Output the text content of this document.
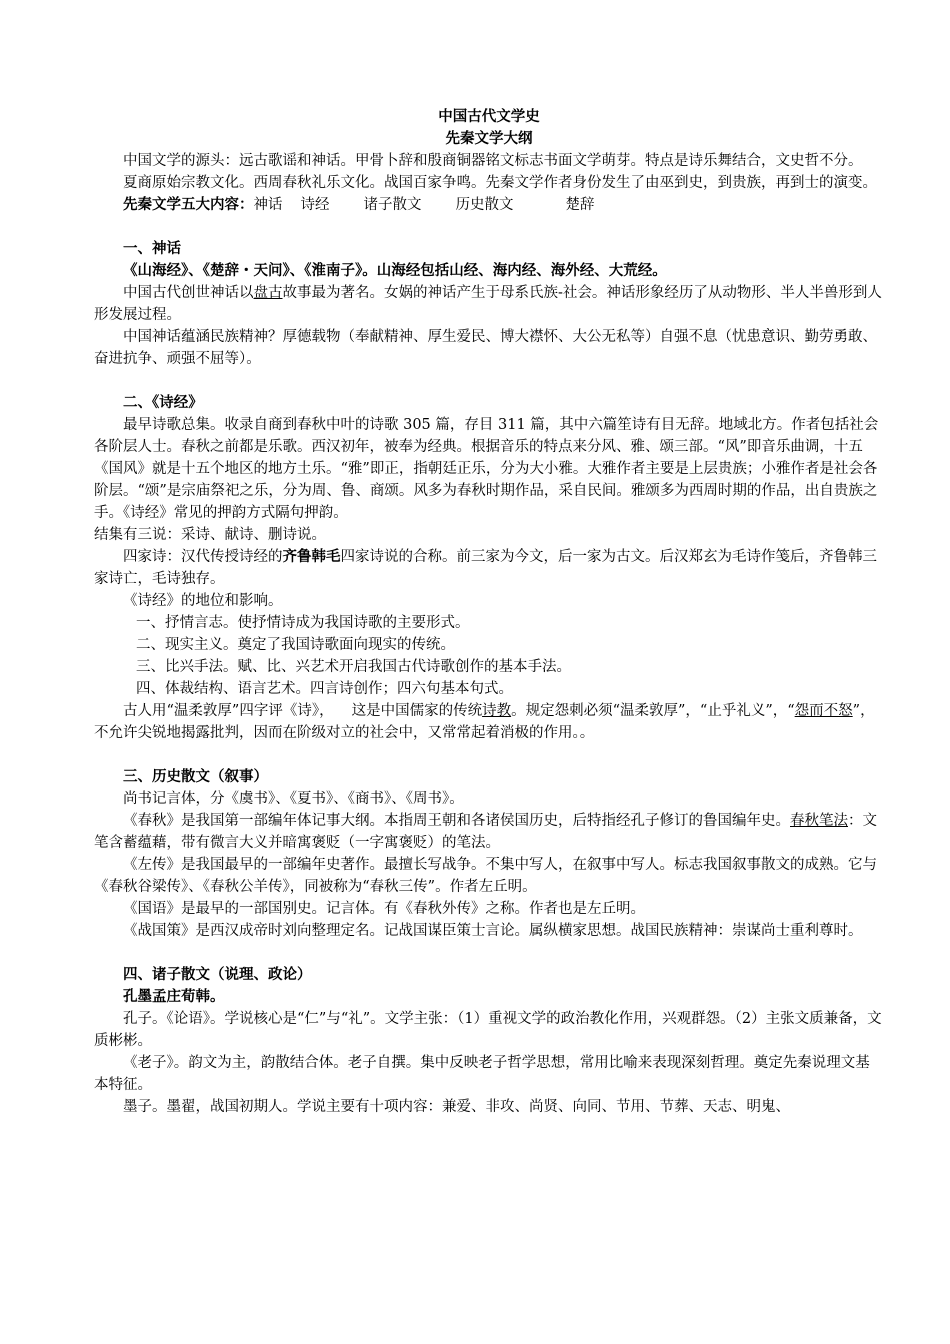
中国古代文学史

先秦文学大纲

中国文学的源头：远古歌谣和神话。甲骨卜辞和殷商铜器铭文标志书面文学萌芽。特点是诗乐舞结合，文史哲不分。

夏商原始宗教文化。西周春秋礼乐文化。战国百家争鸣。先秦文学作者身份发生了由巫到史，到贵族，再到士的演变。

先秦文学五大内容：神话 诗经 诸子散文 历史散文	楚辞

一、神话

《山海经》、《楚辞・天问》、《淮南子》。山海经包括山经、海内经、海外经、大荒经。

中国古代创世神话以盘古故事最为著名。女娲的神话产生于母系氏族-社会。神话形象经历了从动物形、半人半兽形到人形发展过程。

中国神话蕴涵民族精神？厚德载物（奉献精神、厚生爱民、博大襟怀、大公无私等）自强不息（忧患意识、勤劳勇敢、奋进抗争、顽强不屈等）。

二、《诗经》

最早诗歌总集。收录自商到春秋中叶的诗歌 305 篇，存目 311 篇，其中六篇笙诗有目无辞。地域北方。作者包括社会各阶层人士。春秋之前都是乐歌。西汉初年，被奉为经典。根据音乐的特点来分风、雅、颂三部。“风”即音乐曲调，十五《国风》就是十五个地区的地方土乐。“雅”即正，指朝廷正乐，分为大小雅。大雅作者主要是上层贵族；小雅作者是社会各阶层。“颂”是宗庙祭祀之乐，分为周、鲁、商颂。风多为春秋时期作品，采自民间。雅颂多为西周时期的作品，出自贵族之手。《诗经》常见的押韵方式隔句押韵。

结集有三说：采诗、献诗、删诗说。

四家诗：汉代传授诗经的齐鲁韩毛四家诗说的合称。前三家为今文，后一家为古文。后汉郑玄为毛诗作笺后，齐鲁韩三家诗亡，毛诗独存。

《诗经》的地位和影响。

一、抒情言志。使抒情诗成为我国诗歌的主要形式。

二、现实主义。奠定了我国诗歌面向现实的传统。

三、比兴手法。赋、比、兴艺术开启我国古代诗歌创作的基本手法。

四、体裁结构、语言艺术。四言诗创作；四六句基本句式。

古人用“温柔敦厚”四字评《诗》， 这是中国儒家的传统诗教。规定怨刺必须“温柔敦厚”，“止乎礼义”，“怨而不怒”，不允许尖锐地揭露批判，因而在阶级对立的社会中，又常常起着消极的作用。。

三、历史散文（叙事）

尚书记言体，分《虞书》、《夏书》、《商书》、《周书》。

《春秋》是我国第一部编年体记事大纲。本指周王朝和各诸侯国历史，后特指经孔子修订的鲁国编年史。春秋笔法：文笔含蓄蕴藉，带有微言大义并暗寓褒贬（一字寓褒贬）的笔法。

《左传》是我国最早的一部编年史著作。最擅长写战争。不集中写人，在叙事中写人。标志我国叙事散文的成熟。它与《春秋谷梁传》、《春秋公羊传》，同被称为“春秋三传”。作者左丘明。

《国语》是最早的一部国别史。记言体。有《春秋外传》之称。作者也是左丘明。

《战国策》是西汉成帝时刘向整理定名。记战国谋臣策士言论。属纵横家思想。战国民族精神：崇谋尚士重利尊时。

四、诸子散文（说理、政论）

孔墨孟庄荀韩。

孔子。《论语》。学说核心是“仁”与“礼”。文学主张：（1）重视文学的政治教化作用，兴观群怨。（2）主张文质兼备，文质彬彬。

《老子》。韵文为主，韵散结合体。老子自撰。集中反映老子哲学思想，常用比喻来表现深刻哲理。奠定先秦说理文基本特征。

墨子。墨翟，战国初期人。学说主要有十项内容：兼爱、非攻、尚贤、向同、节用、节葬、天志、明鬼、
